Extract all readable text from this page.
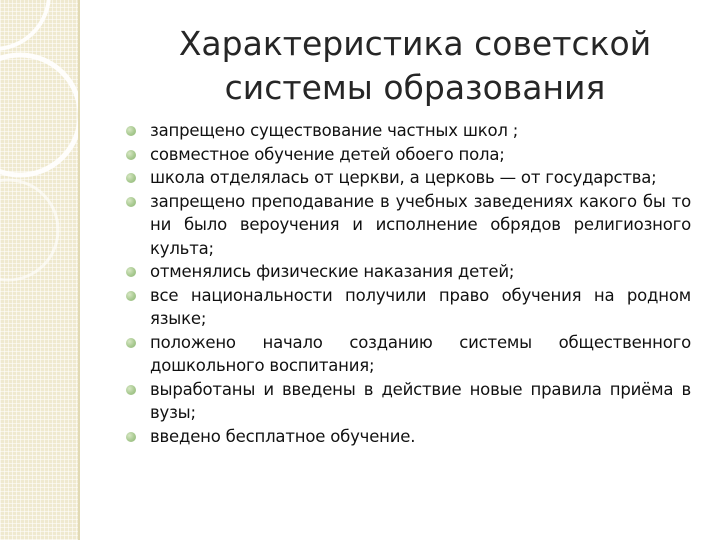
Характеристика советской
системы образования
запрещено существование частных школ ;
совместное обучение детей обоего пола;
школа отделялась от церкви, а церковь — от государства;
запрещено преподавание в учебных заведениях какого бы то ни было вероучения и исполнение обрядов религиозного культа;
отменялись физические наказания детей;
все национальности получили право обучения на родном языке;
положено начало созданию системы общественного дошкольного воспитания;
выработаны и введены в действие новые правила приёма в вузы;
введено бесплатное обучение.
